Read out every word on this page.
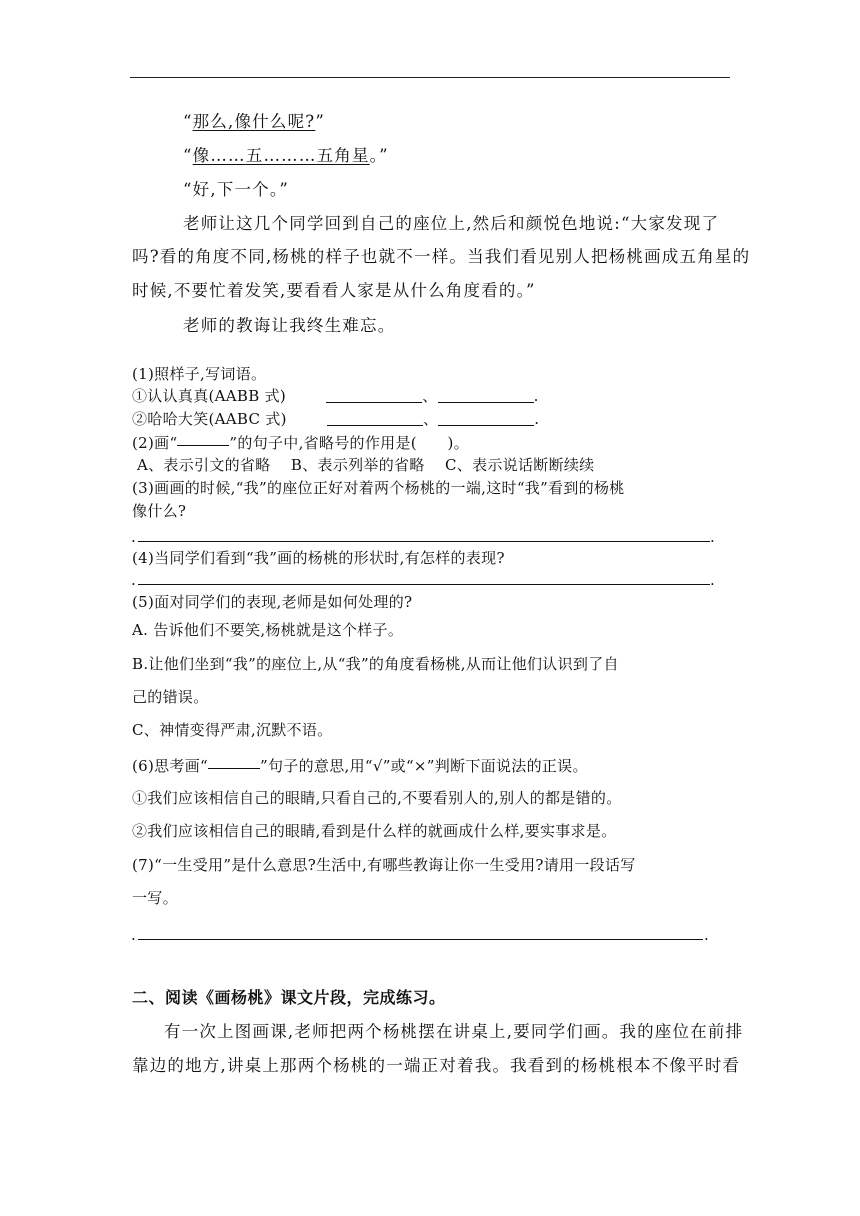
“那么,像什么呢?”
“像……五………五角星。”
“好,下一个。”
老师让这几个同学回到自己的座位上,然后和颜悦色地说:“大家发现了
吗?看的角度不同,杨桃的样子也就不一样。当我们看见别人把杨桃画成五角星的
时候,不要忙着发笑,要看看人家是从什么角度看的。”
老师的教诲让我终生难忘。
(1)照样子,写词语。
①认认真真(AABB 式)	、	.
②哈哈大笑(AABC 式)	、	.
(2)画“	”的句子中,省略号的作用是(　　)。
A、表示引文的省略　 B、表示列举的省略　 C、表示说话断断续续
(3)画画的时候,“我”的座位正好对着两个杨桃的一端,这时“我”看到的杨桃
像什么?
.	.
(4)当同学们看到“我”画的杨桃的形状时,有怎样的表现?
.	.
(5)面对同学们的表现,老师是如何处理的?
A. 告诉他们不要笑,杨桃就是这个样子。
B.让他们坐到“我”的座位上,从“我”的角度看杨桃,从而让他们认识到了自
己的错误。
C、神情变得严肃,沉默不语。
(6)思考画“	”句子的意思,用“√”或“×”判断下面说法的正误。
①我们应该相信自己的眼睛,只看自己的,不要看别人的,别人的都是错的。
②我们应该相信自己的眼睛,看到是什么样的就画成什么样,要实事求是。
(7)“一生受用”是什么意思?生活中,有哪些教诲让你一生受用?请用一段话写
一写。
.	.
二、阅读《画杨桃》课文片段，完成练习。
有一次上图画课,老师把两个杨桃摆在讲桌上,要同学们画。我的座位在前排
靠边的地方,讲桌上那两个杨桃的一端正对着我。我看到的杨桃根本不像平时看
